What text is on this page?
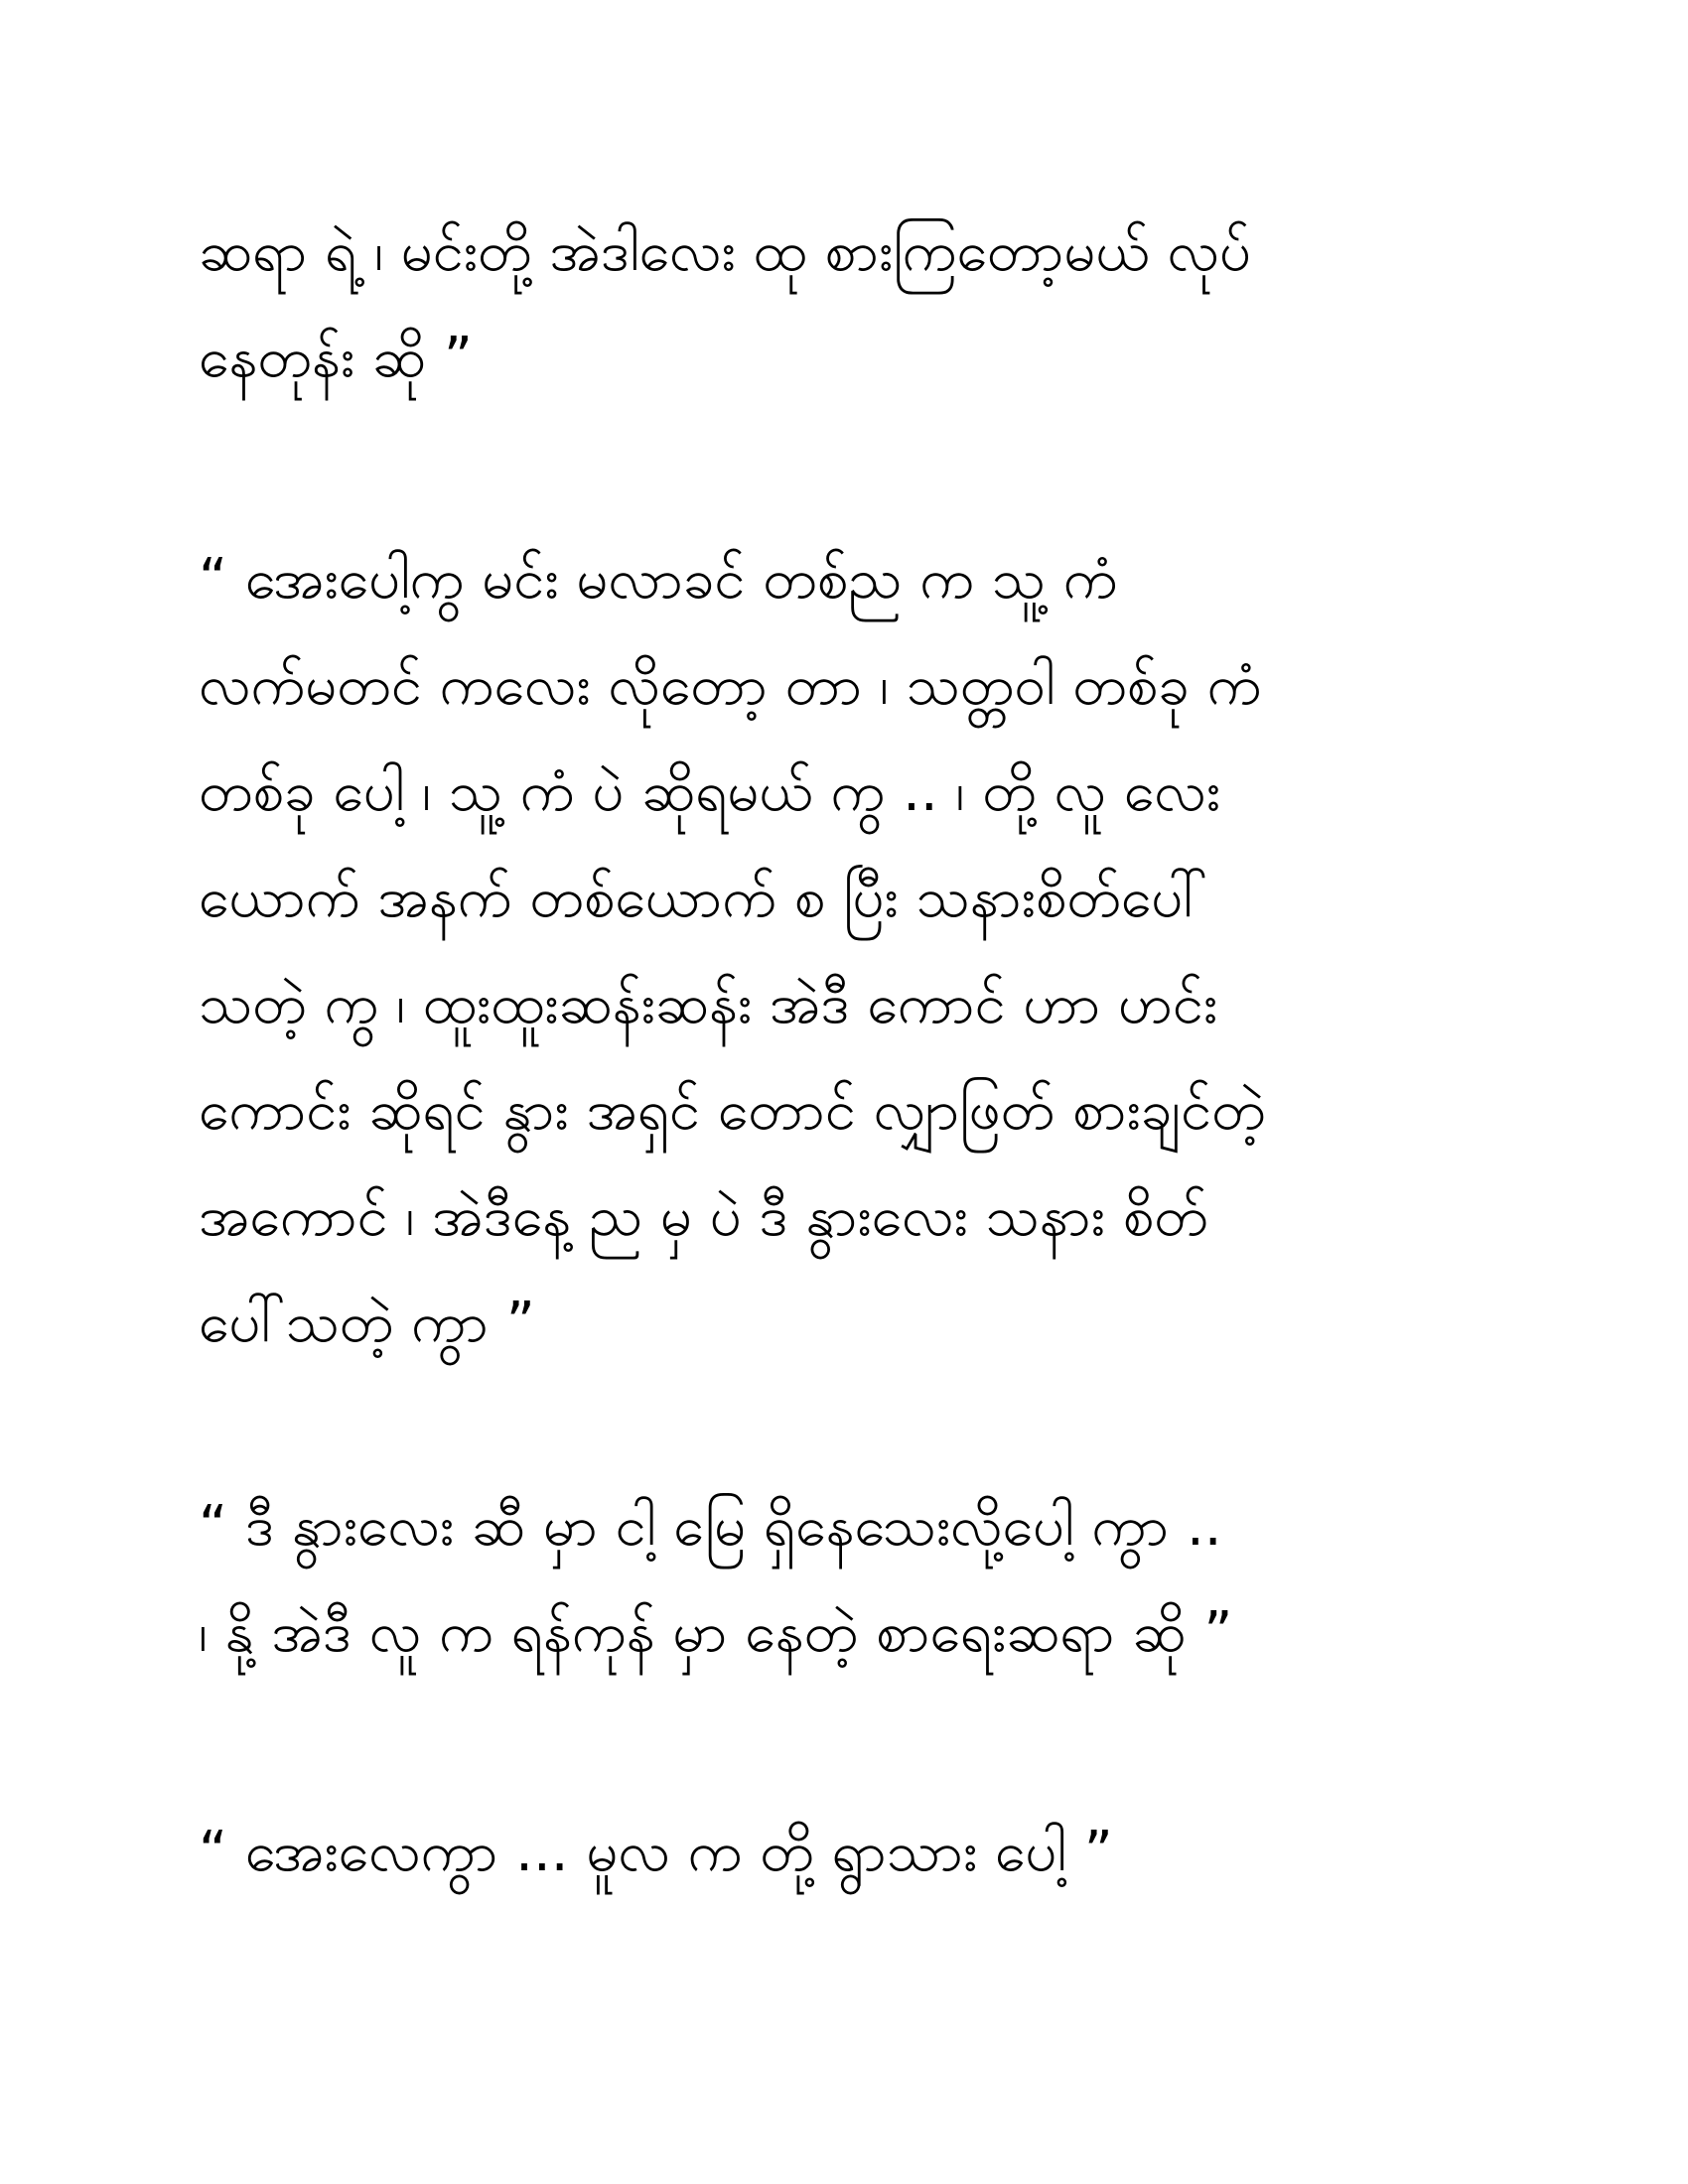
ဆရာ ရဲ့ ၊ မင်းတို့ အဲဒါလေး ထု စားကြတော့မယ် လုပ်
နေတုန်း ဆို ”
“ အေးပေါ့ကွ မင်း မလာခင် တစ်ည က သူ့ ကံ
လက်မတင် ကလေး လိုတော့ တာ ၊ သတ္တဝါ တစ်ခု ကံ
တစ်ခု ပေါ့ ၊ သူ့ ကံ ပဲ ဆိုရမယ် ကွ .. ၊ တို့ လူ လေး
ယောက် အနက် တစ်ယောက် စ ပြီး သနားစိတ်ပေါ်
သတဲ့ ကွ ၊ ထူးထူးဆန်းဆန်း အဲဒီ ကောင် ဟာ ဟင်း
ကောင်း ဆိုရင် နွား အရှင် တောင် လျှာဖြတ် စားချင်တဲ့
အကောင် ၊ အဲဒီနေ့ ည မှ ပဲ ဒီ နွားလေး သနား စိတ်
ပေါ်သတဲ့ ကွာ ”
“ ဒီ နွားလေး ဆီ မှာ ငါ့ မြေ ရှိနေသေးလို့ပေါ့ ကွာ ..
၊ နို့ အဲဒီ လူ က ရန်ကုန် မှာ နေတဲ့ စာရေးဆရာ ဆို ”
“ အေးလေကွာ ... မူလ က တို့ ရွာသား ပေါ့ ”
